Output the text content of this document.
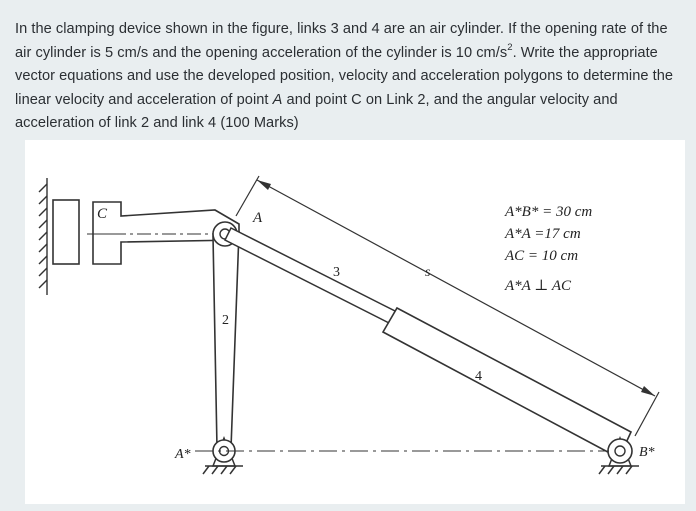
In the clamping device shown in the figure, links 3 and 4 are an air cylinder. If the opening rate of the air cylinder is 5 cm/s and the opening acceleration of the cylinder is 10 $cm/s^2$. Write the appropriate vector equations and use the developed position, velocity and acceleration polygons to determine the linear velocity and acceleration of point A and point C on Link 2, and the angular velocity and acceleration of link 2 and link 4 (100 Marks)
C
2
A
3
4
s
A*	B*
A*B* = 30 cm
A*A =17 cm
AC = 10 cm
A*A ⊥ AC
